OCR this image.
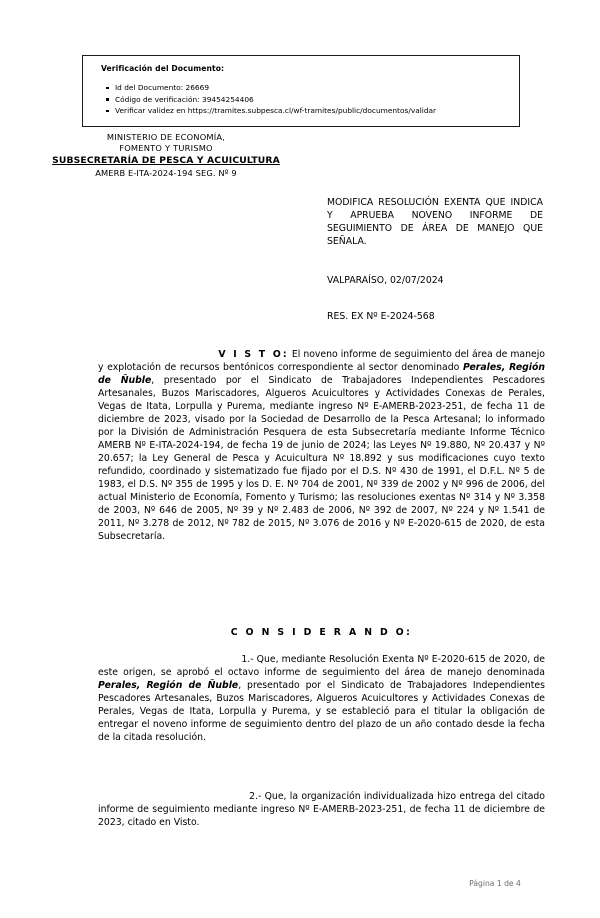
Verificación del Documento:
Id del Documento: 26669
Código de verificación: 39454254406
Verificar validez en https://tramites.subpesca.cl/wf-tramites/public/documentos/validar
MINISTERIO DE ECONOMÍA,
FOMENTO Y TURISMO
SUBSECRETARÍA DE PESCA Y ACUICULTURA
AMERB E-ITA-2024-194 SEG. Nº 9
MODIFICA RESOLUCIÓN EXENTA QUE INDICA Y APRUEBA NOVENO INFORME DE SEGUIMIENTO DE ÁREA DE MANEJO QUE SEÑALA.
VALPARAÍSO, 02/07/2024
RES. EX Nº E-2024-568
V I S T O: El noveno informe de seguimiento del área de manejo y explotación de recursos bentónicos correspondiente al sector denominado Perales, Región de Ñuble, presentado por el Sindicato de Trabajadores Independientes Pescadores Artesanales, Buzos Mariscadores, Algueros Acuicultores y Actividades Conexas de Perales, Vegas de Itata, Lorpulla y Purema, mediante ingreso Nº E-AMERB-2023-251, de fecha 11 de diciembre de 2023, visado por la Sociedad de Desarrollo de la Pesca Artesanal; lo informado por la División de Administración Pesquera de esta Subsecretaría mediante Informe Técnico AMERB Nº E-ITA-2024-194, de fecha 19 de junio de 2024; las Leyes Nº 19.880, Nº 20.437 y Nº 20.657; la Ley General de Pesca y Acuicultura Nº 18.892 y sus modificaciones cuyo texto refundido, coordinado y sistematizado fue fijado por el D.S. Nº 430 de 1991, el D.F.L. Nº 5 de 1983, el D.S. Nº 355 de 1995 y los D. E. Nº 704 de 2001, Nº 339 de 2002 y Nº 996 de 2006, del actual Ministerio de Economía, Fomento y Turismo; las resoluciones exentas Nº 314 y Nº 3.358 de 2003, Nº 646 de 2005, Nº 39 y Nº 2.483 de 2006, Nº 392 de 2007, Nº 224 y Nº 1.541 de 2011, Nº 3.278 de 2012, Nº 782 de 2015, Nº 3.076 de 2016 y Nº E-2020-615 de 2020, de esta Subsecretaría.
C O N S I D E R A N D O:
1.- Que, mediante Resolución Exenta Nº E-2020-615 de 2020, de este origen, se aprobó el octavo informe de seguimiento del área de manejo denominada Perales, Región de Ñuble, presentado por el Sindicato de Trabajadores Independientes Pescadores Artesanales, Buzos Mariscadores, Algueros Acuicultores y Actividades Conexas de Perales, Vegas de Itata, Lorpulla y Purema, y se estableció para el titular la obligación de entregar el noveno informe de seguimiento dentro del plazo de un año contado desde la fecha de la citada resolución.
2.- Que, la organización individualizada hizo entrega del citado informe de seguimiento mediante ingreso Nº E-AMERB-2023-251, de fecha 11 de diciembre de 2023, citado en Visto.
Página 1 de 4
